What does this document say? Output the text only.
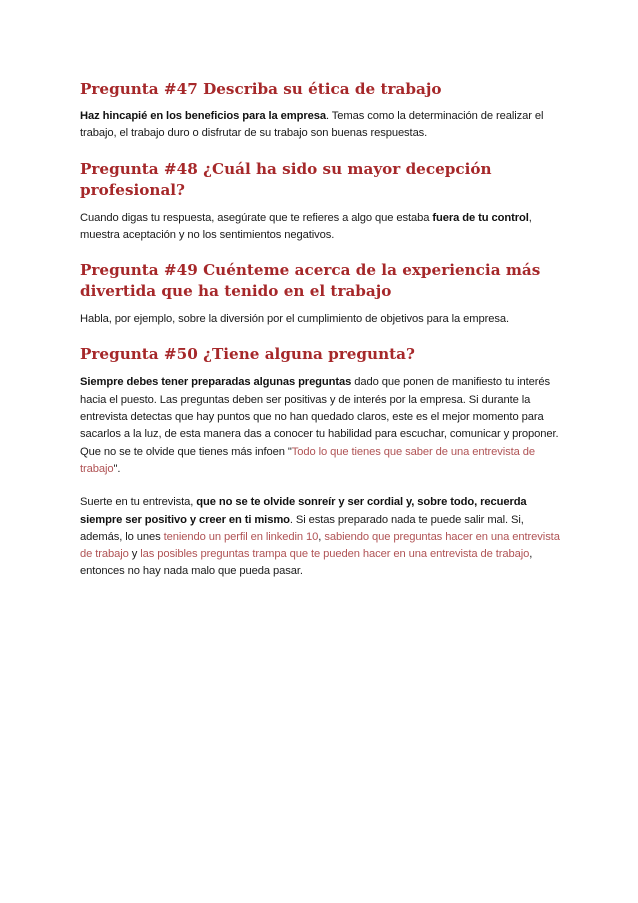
Pregunta #47 Describa su ética de trabajo

Haz hincapié en los beneficios para la empresa. Temas como la determinación de realizar el trabajo, el trabajo duro o disfrutar de su trabajo son buenas respuestas.

Pregunta #48 ¿Cuál ha sido su mayor decepción profesional?

Cuando digas tu respuesta, asegúrate que te refieres a algo que estaba fuera de tu control, muestra aceptación y no los sentimientos negativos.

Pregunta #49 Cuénteme acerca de la experiencia más divertida que ha tenido en el trabajo

Habla, por ejemplo, sobre la diversión por el cumplimiento de objetivos para la empresa.

Pregunta #50 ¿Tiene alguna pregunta?

Siempre debes tener preparadas algunas preguntas dado que ponen de manifiesto tu interés hacia el puesto. Las preguntas deben ser positivas y de interés por la empresa. Si durante la entrevista detectas que hay puntos que no han quedado claros, este es el mejor momento para sacarlos a la luz, de esta manera das a conocer tu habilidad para escuchar, comunicar y proponer. Que no se te olvide que tienes más infoen "Todo lo que tienes que saber de una entrevista de trabajo".

Suerte en tu entrevista, que no se te olvide sonreír y ser cordial y, sobre todo, recuerda siempre ser positivo y creer en ti mismo. Si estas preparado nada te puede salir mal. Si, además, lo unes teniendo un perfil en linkedin 10, sabiendo que preguntas hacer en una entrevista de trabajo y las posibles preguntas trampa que te pueden hacer en una entrevista de trabajo, entonces no hay nada malo que pueda pasar.
